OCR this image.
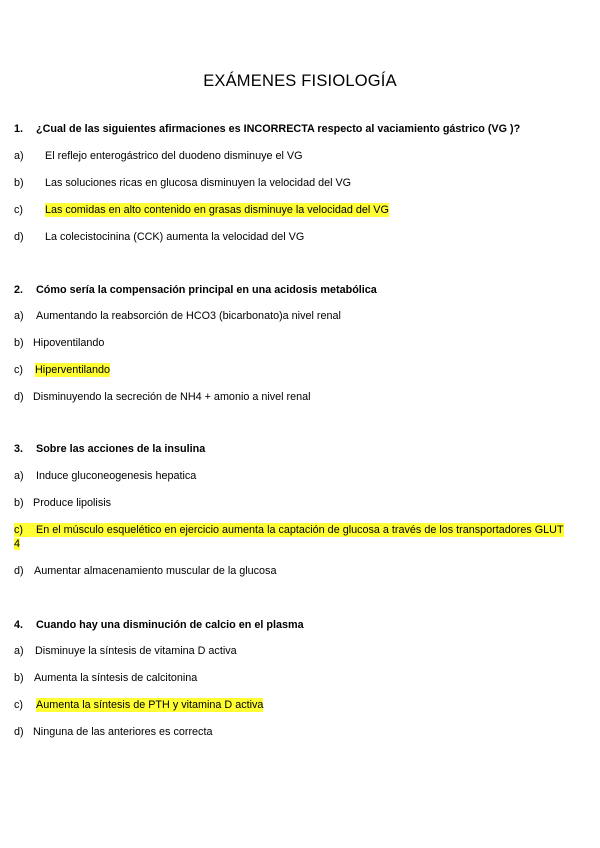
EXÁMENES FISIOLOGÍA
1.	¿Cual de las siguientes afirmaciones es INCORRECTA respecto al vaciamiento gástrico (VG )?
a)	El reflejo enterogástrico del duodeno disminuye el VG
b)	Las soluciones ricas en glucosa disminuyen la velocidad del VG
c)	Las comidas en alto contenido en grasas disminuye la velocidad del VG
d)	La colecistocinina (CCK) aumenta la velocidad del VG
2.	Cómo sería la compensación principal en una acidosis metabólica
a)	Aumentando la reabsorción de HCO3 (bicarbonato)a nivel renal
b) Hipoventilando
c)	Hiperventilando
d) Disminuyendo la secreción de NH4 + amonio a nivel renal
3.	Sobre las acciones de la insulina
a)	Induce gluconeogenesis hepatica
b) Produce lipolisis
c)	En el músculo esquelético en ejercicio aumenta la captación de glucosa a través de los transportadores GLUT
4
d) Aumentar almacenamiento muscular de la glucosa
4.	Cuando hay una disminución de calcio en el plasma
a)	Disminuye la síntesis de vitamina D activa
b) Aumenta la síntesis de calcitonina
c)	Aumenta la síntesis de PTH y vitamina D activa
d) Ninguna de las anteriores es correcta
